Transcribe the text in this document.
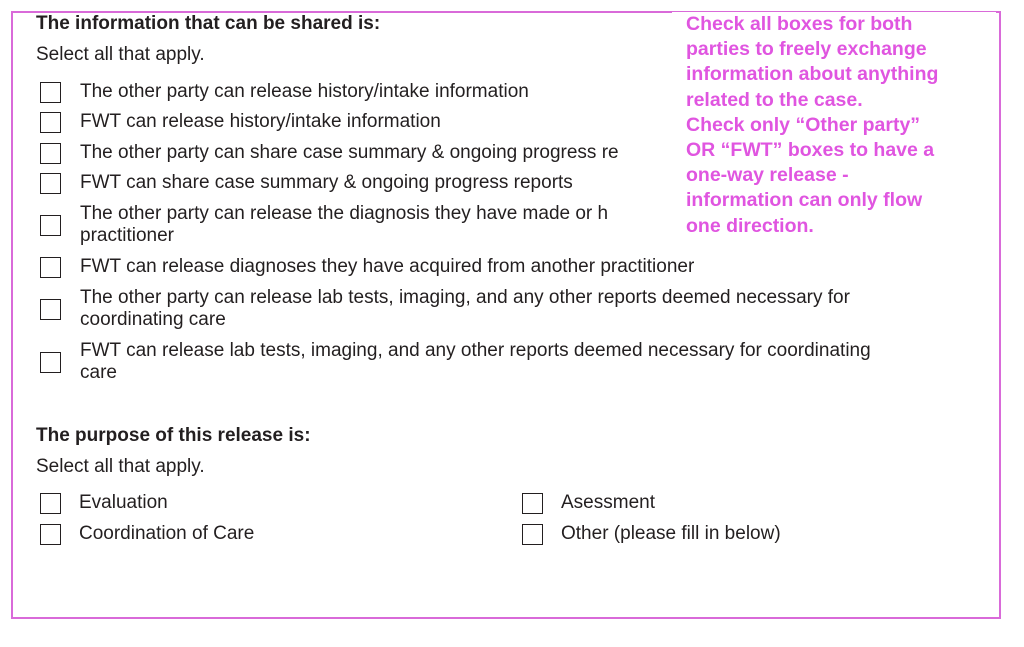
The information that can be shared is:
Select all that apply.
The other party can release history/intake information
FWT can release history/intake information
The other party can share case summary & ongoing progress re
FWT can share case summary & ongoing progress reports
The other party can release the diagnosis they have made or h
practitioner
FWT can release diagnoses they have acquired from another practitioner
The other party can release lab tests, imaging, and any other reports deemed necessary for
coordinating care
FWT can release lab tests, imaging, and any other reports deemed necessary for coordinating
care
The purpose of this release is:
Select all that apply.
Evaluation	Asessment
Coordination of Care	Other (please fill in below)
Check all boxes for both
parties to freely exchange
information about anything
related to the case.
Check only “Other party”
OR “FWT” boxes to have a
one-way release -
information can only flow
one direction.
